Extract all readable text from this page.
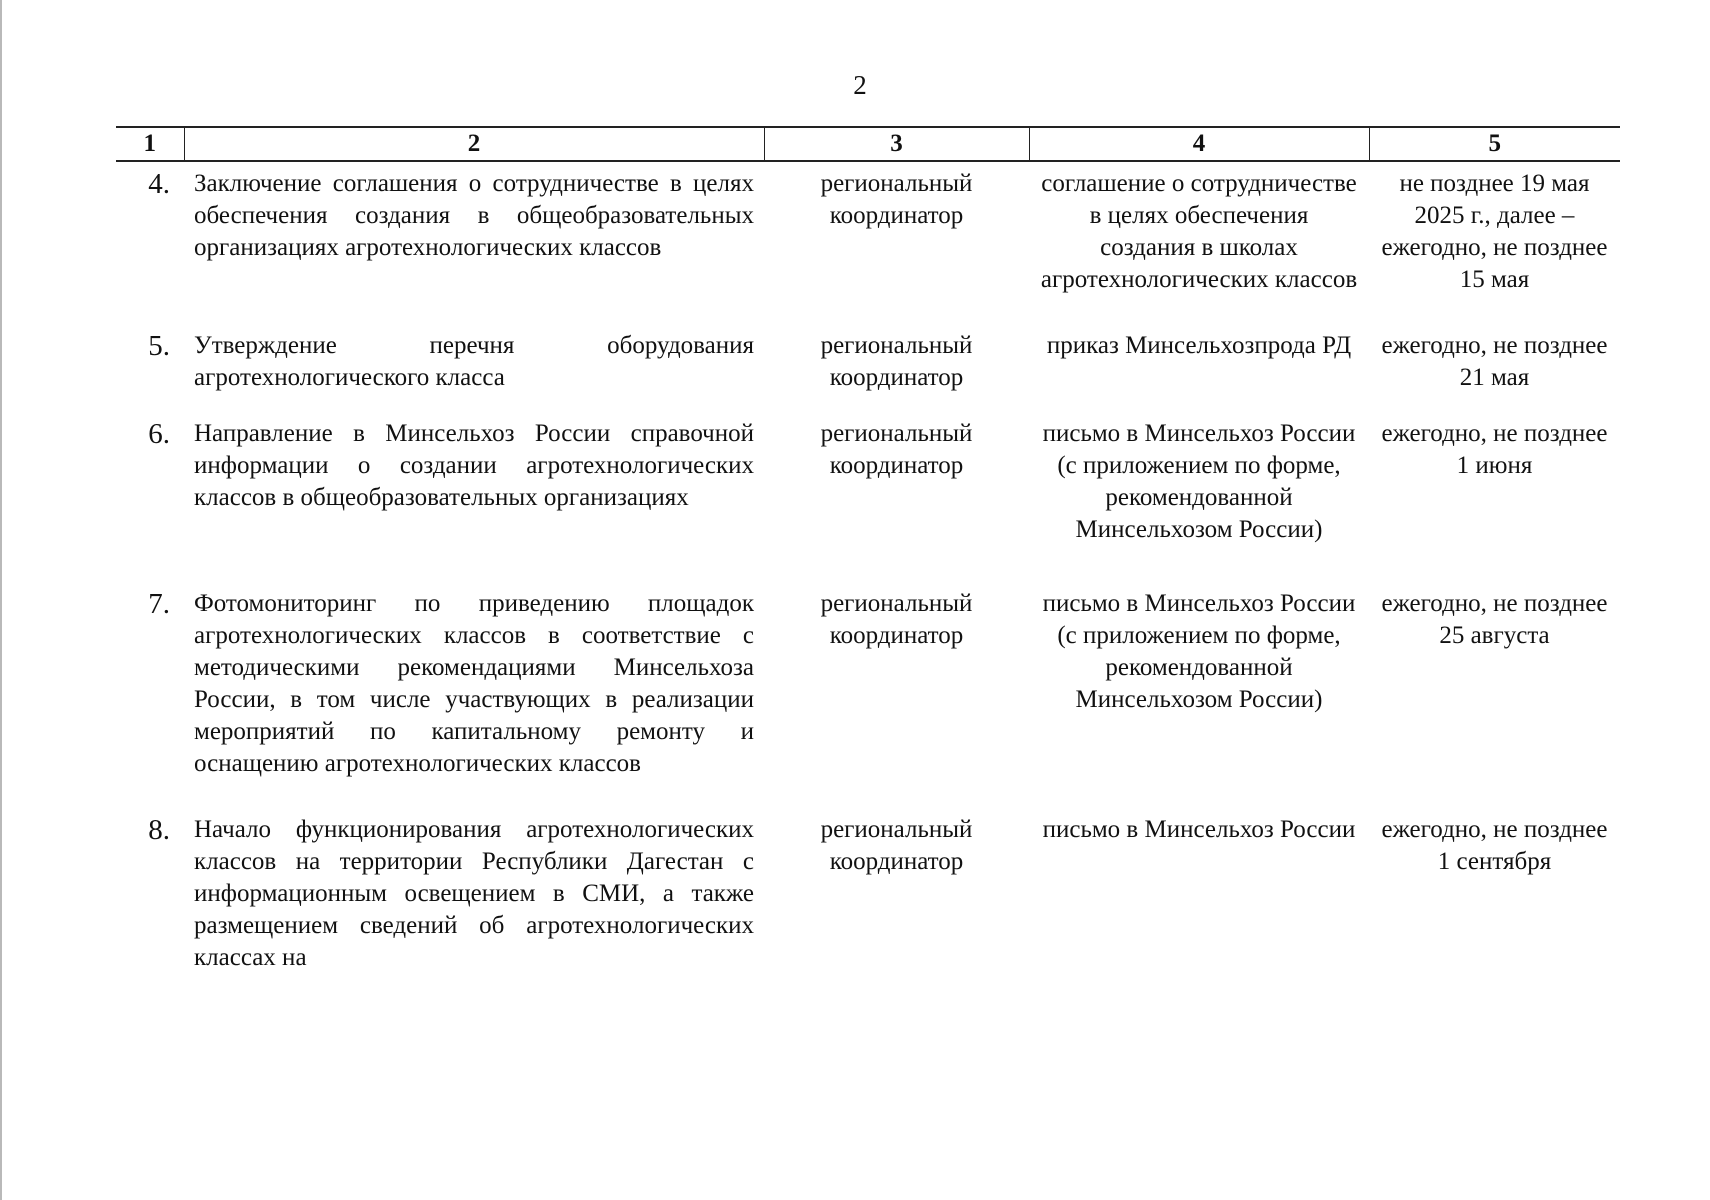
2
1	2	3	4	5
4.	Заключение соглашения о сотрудничестве в целях обеспечения создания в общеобразовательных организациях агротехнологических классов	региональный координатор	соглашение о сотрудничестве в целях обеспечения создания в школах агротехнологических классов	не позднее 19 мая 2025 г., далее – ежегодно, не позднее 15 мая
5.	Утверждение перечня оборудования агротехнологического класса	региональный координатор	приказ Минсельхозпрода РД	ежегодно, не позднее 21 мая
6.	Направление в Минсельхоз России справочной информации о создании агротехнологических классов в общеобразовательных организациях	региональный координатор	письмо в Минсельхоз России (с приложением по форме, рекомендованной Минсельхозом России)	ежегодно, не позднее 1 июня
7.	Фотомониторинг по приведению площадок агротехнологических классов в соответствие с методическими рекомендациями Минсельхоза России, в том числе участвующих в реализации мероприятий по капитальному ремонту и оснащению агротехнологических классов	региональный координатор	письмо в Минсельхоз России (с приложением по форме, рекомендованной Минсельхозом России)	ежегодно, не позднее 25 августа
8.	Начало функционирования агротехнологических классов на территории Республики Дагестан с информационным освещением в СМИ, а также размещением сведений об агротехнологических классах на	региональный координатор	письмо в Минсельхоз России	ежегодно, не позднее 1 сентября
